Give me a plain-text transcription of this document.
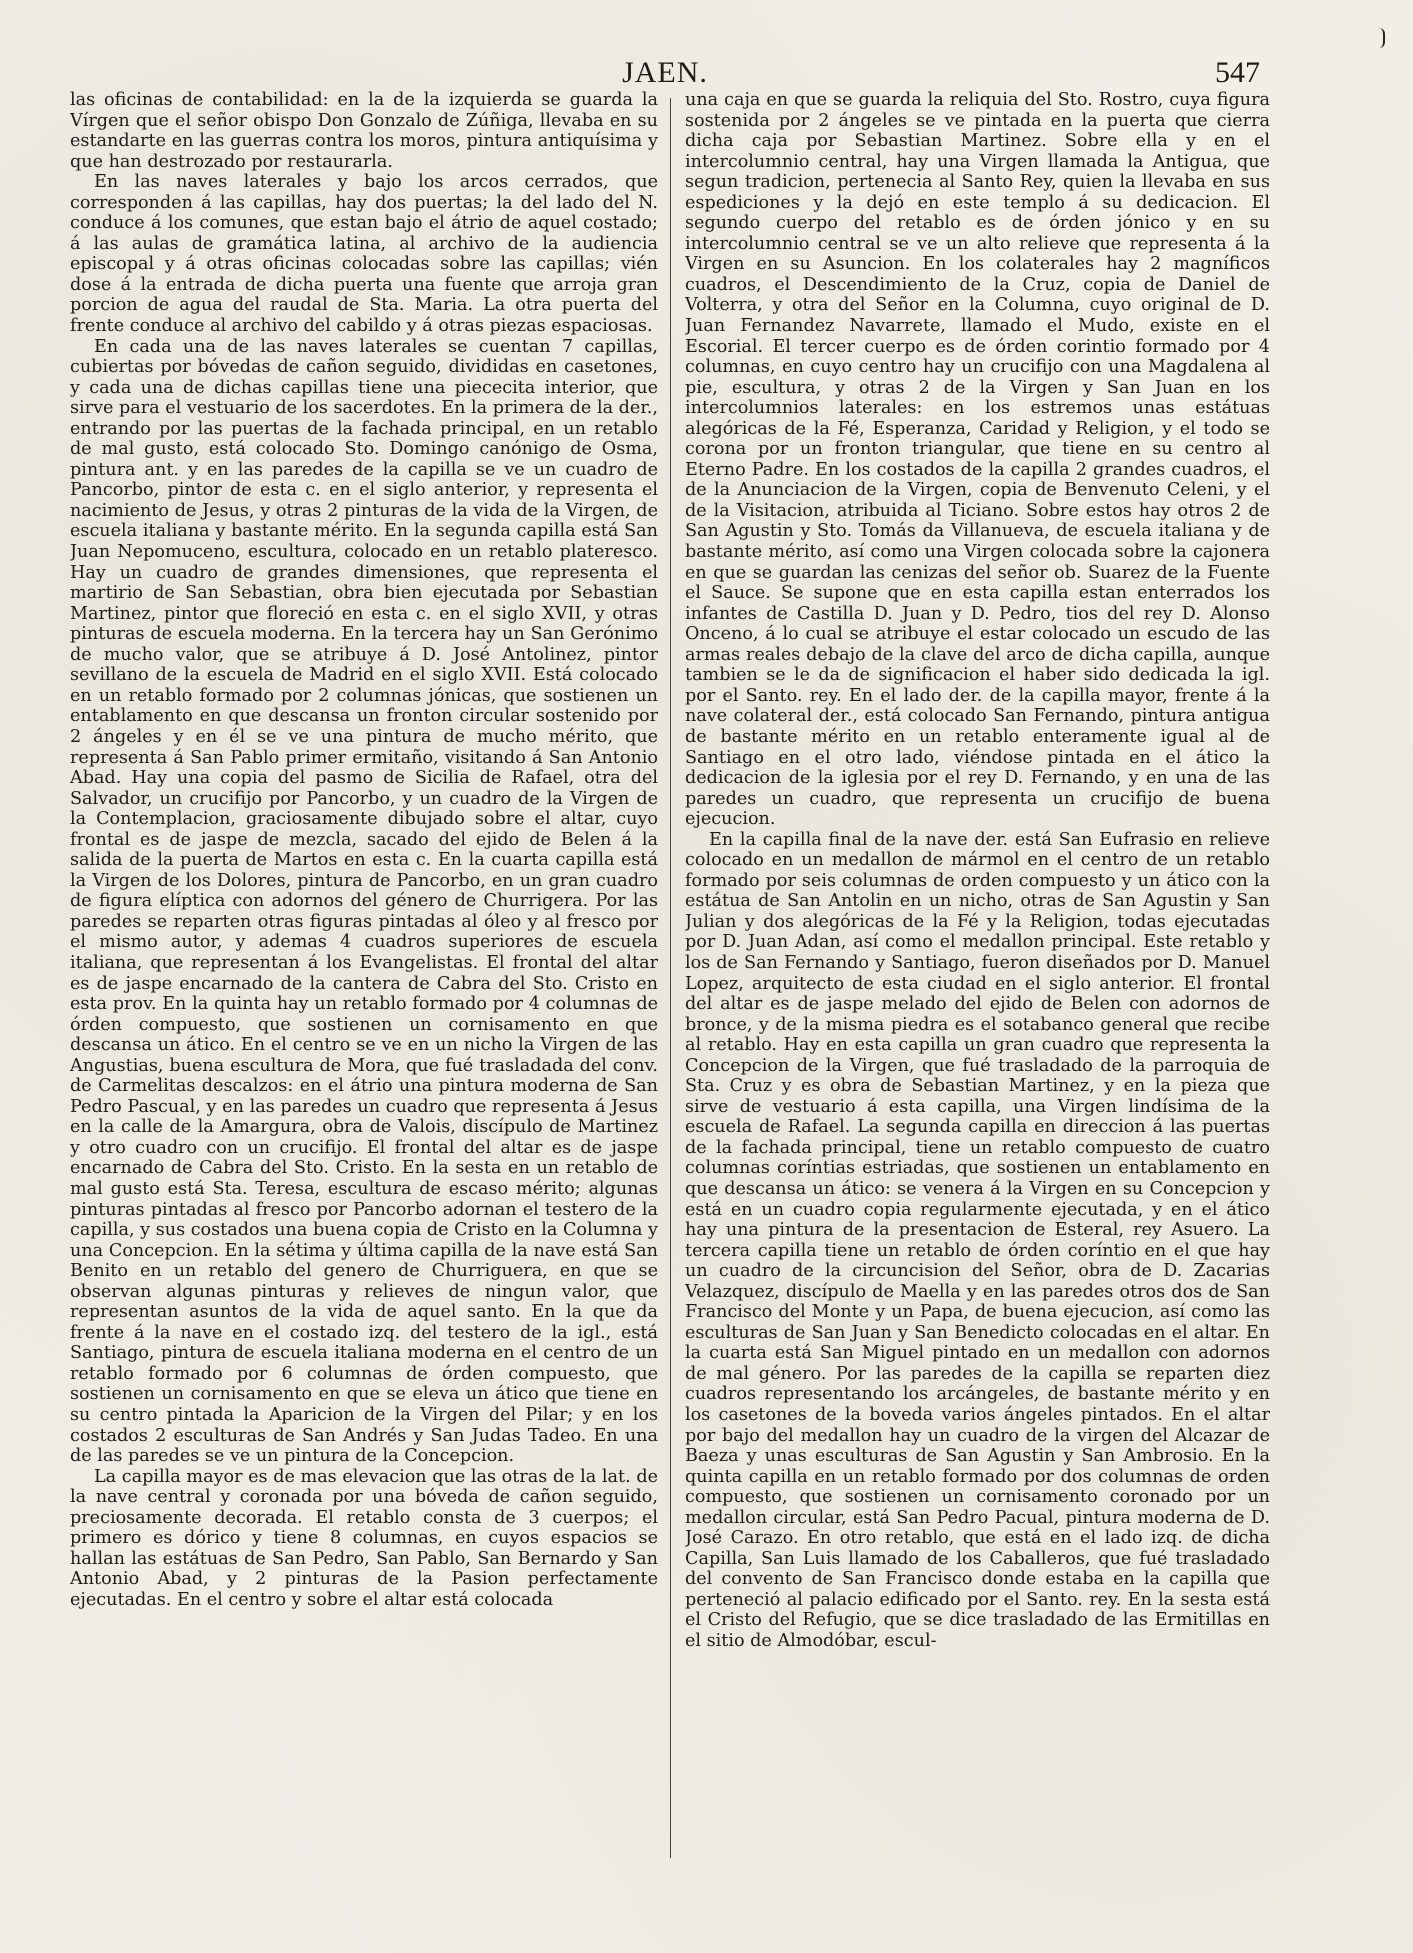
JAEN.	547

las oficinas de contabilidad: en la de la izquierda se guarda la Vírgen que el señor obispo Don Gonzalo de Zúñiga, llevaba en su estandarte en las guerras contra los moros, pintura antiquísima y que han destrozado por restaurarla.

En las naves laterales y bajo los arcos cerrados, que corresponden á las capillas, hay dos puertas; la del lado del N. conduce á los comunes, que estan bajo el átrio de aquel costado; á las aulas de gramática latina, al archivo de la audiencia episcopal y á otras oficinas colocadas sobre las capillas; vién dose á la entrada de dicha puerta una fuente que arroja gran porcion de agua del raudal de Sta. Maria. La otra puerta del frente conduce al archivo del cabildo y á otras piezas espaciosas.

En cada una de las naves laterales se cuentan 7 capillas, cubiertas por bóvedas de cañon seguido, divididas en casetones, y cada una de dichas capillas tiene una piececita interior, que sirve para el vestuario de los sacerdotes. En la primera de la der., entrando por las puertas de la fachada principal, en un retablo de mal gusto, está colocado Sto. Domingo canónigo de Osma, pintura ant. y en las paredes de la capilla se ve un cuadro de Pancorbo, pintor de esta c. en el siglo anterior, y representa el nacimiento de Jesus, y otras 2 pinturas de la vida de la Virgen, de escuela italiana y bastante mérito. En la segunda capilla está San Juan Nepomuceno, escultura, colocado en un retablo plateresco. Hay un cuadro de grandes dimensiones, que representa el martirio de San Sebastian, obra bien ejecutada por Sebastian Martinez, pintor que floreció en esta c. en el siglo XVII, y otras pinturas de escuela moderna. En la tercera hay un San Gerónimo de mucho valor, que se atribuye á D. José Antolinez, pintor sevillano de la escuela de Madrid en el siglo XVII. Está colocado en un retablo formado por 2 columnas jónicas, que sostienen un entablamento en que descansa un fronton circular sostenido por 2 ángeles y en él se ve una pintura de mucho mérito, que representa á San Pablo primer ermitaño, visitando á San Antonio Abad. Hay una copia del pasmo de Sicilia de Rafael, otra del Salvador, un crucifijo por Pancorbo, y un cuadro de la Virgen de la Contemplacion, graciosamente dibujado sobre el altar, cuyo frontal es de jaspe de mezcla, sacado del ejido de Belen á la salida de la puerta de Martos en esta c. En la cuarta capilla está la Virgen de los Dolores, pintura de Pancorbo, en un gran cuadro de figura elíptica con adornos del género de Churrigera. Por las paredes se reparten otras figuras pintadas al óleo y al fresco por el mismo autor, y ademas 4 cuadros superiores de escuela italiana, que representan á los Evangelistas. El frontal del altar es de jaspe encarnado de la cantera de Cabra del Sto. Cristo en esta prov. En la quinta hay un retablo formado por 4 columnas de órden compuesto, que sostienen un cornisamento en que descansa un ático. En el centro se ve en un nicho la Virgen de las Angustias, buena escultura de Mora, que fué trasladada del conv. de Carmelitas descalzos: en el átrio una pintura moderna de San Pedro Pascual, y en las paredes un cuadro que representa á Jesus en la calle de la Amargura, obra de Valois, discípulo de Martinez y otro cuadro con un crucifijo. El frontal del altar es de jaspe encarnado de Cabra del Sto. Cristo. En la sesta en un retablo de mal gusto está Sta. Teresa, escultura de escaso mérito; algunas pinturas pintadas al fresco por Pancorbo adornan el testero de la capilla, y sus costados una buena copia de Cristo en la Columna y una Concepcion. En la sétima y última capilla de la nave está San Benito en un retablo del genero de Churriguera, en que se observan algunas pinturas y relieves de ningun valor, que representan asuntos de la vida de aquel santo. En la que da frente á la nave en el costado izq. del testero de la igl., está Santiago, pintura de escuela italiana moderna en el centro de un retablo formado por 6 columnas de órden compuesto, que sostienen un cornisamento en que se eleva un ático que tiene en su centro pintada la Aparicion de la Virgen del Pilar; y en los costados 2 esculturas de San Andrés y San Judas Tadeo. En una de las paredes se ve un pintura de la Concepcion.

La capilla mayor es de mas elevacion que las otras de la lat. de la nave central y coronada por una bóveda de cañon seguido, preciosamente decorada. El retablo consta de 3 cuerpos; el primero es dórico y tiene 8 columnas, en cuyos espacios se hallan las estátuas de San Pedro, San Pablo, San Bernardo y San Antonio Abad, y 2 pinturas de la Pasion perfectamente ejecutadas. En el centro y sobre el altar está colocada

una caja en que se guarda la reliquia del Sto. Rostro, cuya figura sostenida por 2 ángeles se ve pintada en la puerta que cierra dicha caja por Sebastian Martinez. Sobre ella y en el intercolumnio central, hay una Virgen llamada la Antigua, que segun tradicion, pertenecia al Santo Rey, quien la llevaba en sus espediciones y la dejó en este templo á su dedicacion. El segundo cuerpo del retablo es de órden jónico y en su intercolumnio central se ve un alto relieve que representa á la Virgen en su Asuncion. En los colaterales hay 2 magníficos cuadros, el Descendimiento de la Cruz, copia de Daniel de Volterra, y otra del Señor en la Columna, cuyo original de D. Juan Fernandez Navarrete, llamado el Mudo, existe en el Escorial. El tercer cuerpo es de órden corintio formado por 4 columnas, en cuyo centro hay un crucifijo con una Magdalena al pie, escultura, y otras 2 de la Virgen y San Juan en los intercolumnios laterales: en los estremos unas estátuas alegóricas de la Fé, Esperanza, Caridad y Religion, y el todo se corona por un fronton triangular, que tiene en su centro al Eterno Padre. En los costados de la capilla 2 grandes cuadros, el de la Anunciacion de la Virgen, copia de Benvenuto Celeni, y el de la Visitacion, atribuida al Ticiano. Sobre estos hay otros 2 de San Agustin y Sto. Tomás da Villanueva, de escuela italiana y de bastante mérito, así como una Virgen colocada sobre la cajonera en que se guardan las cenizas del señor ob. Suarez de la Fuente el Sauce. Se supone que en esta capilla estan enterrados los infantes de Castilla D. Juan y D. Pedro, tios del rey D. Alonso Onceno, á lo cual se atribuye el estar colocado un escudo de las armas reales debajo de la clave del arco de dicha capilla, aunque tambien se le da de significacion el haber sido dedicada la igl. por el Santo. rey. En el lado der. de la capilla mayor, frente á la nave colateral der., está colocado San Fernando, pintura antigua de bastante mérito en un retablo enteramente igual al de Santiago en el otro lado, viéndose pintada en el ático la dedicacion de la iglesia por el rey D. Fernando, y en una de las paredes un cuadro, que representa un crucifijo de buena ejecucion.

En la capilla final de la nave der. está San Eufrasio en relieve colocado en un medallon de mármol en el centro de un retablo formado por seis columnas de orden compuesto y un ático con la estátua de San Antolin en un nicho, otras de San Agustin y San Julian y dos alegóricas de la Fé y la Religion, todas ejecutadas por D. Juan Adan, así como el medallon principal. Este retablo y los de San Fernando y Santiago, fueron diseñados por D. Manuel Lopez, arquitecto de esta ciudad en el siglo anterior. El frontal del altar es de jaspe melado del ejido de Belen con adornos de bronce, y de la misma piedra es el sotabanco general que recibe al retablo. Hay en esta capilla un gran cuadro que representa la Concepcion de la Virgen, que fué trasladado de la parroquia de Sta. Cruz y es obra de Sebastian Martinez, y en la pieza que sirve de vestuario á esta capilla, una Virgen lindísima de la escuela de Rafael. La segunda capilla en direccion á las puertas de la fachada principal, tiene un retablo compuesto de cuatro columnas coríntias estriadas, que sostienen un entablamento en que descansa un ático: se venera á la Virgen en su Concepcion y está en un cuadro copia regularmente ejecutada, y en el ático hay una pintura de la presentacion de Esteral, rey Asuero. La tercera capilla tiene un retablo de órden coríntio en el que hay un cuadro de la circuncision del Señor, obra de D. Zacarias Velazquez, discípulo de Maella y en las paredes otros dos de San Francisco del Monte y un Papa, de buena ejecucion, así como las esculturas de San Juan y San Benedicto colocadas en el altar. En la cuarta está San Miguel pintado en un medallon con adornos de mal género. Por las paredes de la capilla se reparten diez cuadros representando los arcángeles, de bastante mérito y en los casetones de la boveda varios ángeles pintados. En el altar por bajo del medallon hay un cuadro de la virgen del Alcazar de Baeza y unas esculturas de San Agustin y San Ambrosio. En la quinta capilla en un retablo formado por dos columnas de orden compuesto, que sostienen un cornisamento coronado por un medallon circular, está San Pedro Pacual, pintura moderna de D. José Carazo. En otro retablo, que está en el lado izq. de dicha Capilla, San Luis llamado de los Caballeros, que fué trasladado del convento de San Francisco donde estaba en la capilla que perteneció al palacio edificado por el Santo. rey. En la sesta está el Cristo del Refugio, que se dice trasladado de las Ermitillas en el sitio de Almodóbar, escul-
